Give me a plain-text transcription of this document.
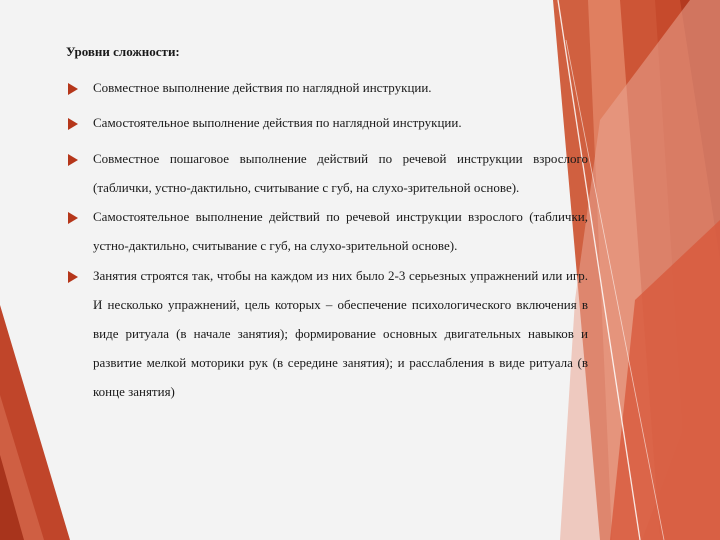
Уровни сложности:
Совместное выполнение действия по наглядной инструкции.
Самостоятельное выполнение действия по наглядной инструкции.
Совместное пошаговое выполнение действий по речевой инструкции взрослого (таблички, устно-дактильно, считывание с губ, на слухо-зрительной основе).
Самостоятельное выполнение действий по речевой инструкции взрослого (таблички, устно-дактильно, считывание с губ, на слухо-зрительной основе).
Занятия строятся так, чтобы на каждом из них было 2-3 серьезных упражнений или игр. И несколько упражнений, цель которых – обеспечение психологического включения в виде ритуала (в начале занятия); формирование основных двигательных навыков и развитие мелкой моторики рук (в середине занятия); и расслабления в виде ритуала (в конце занятия)
